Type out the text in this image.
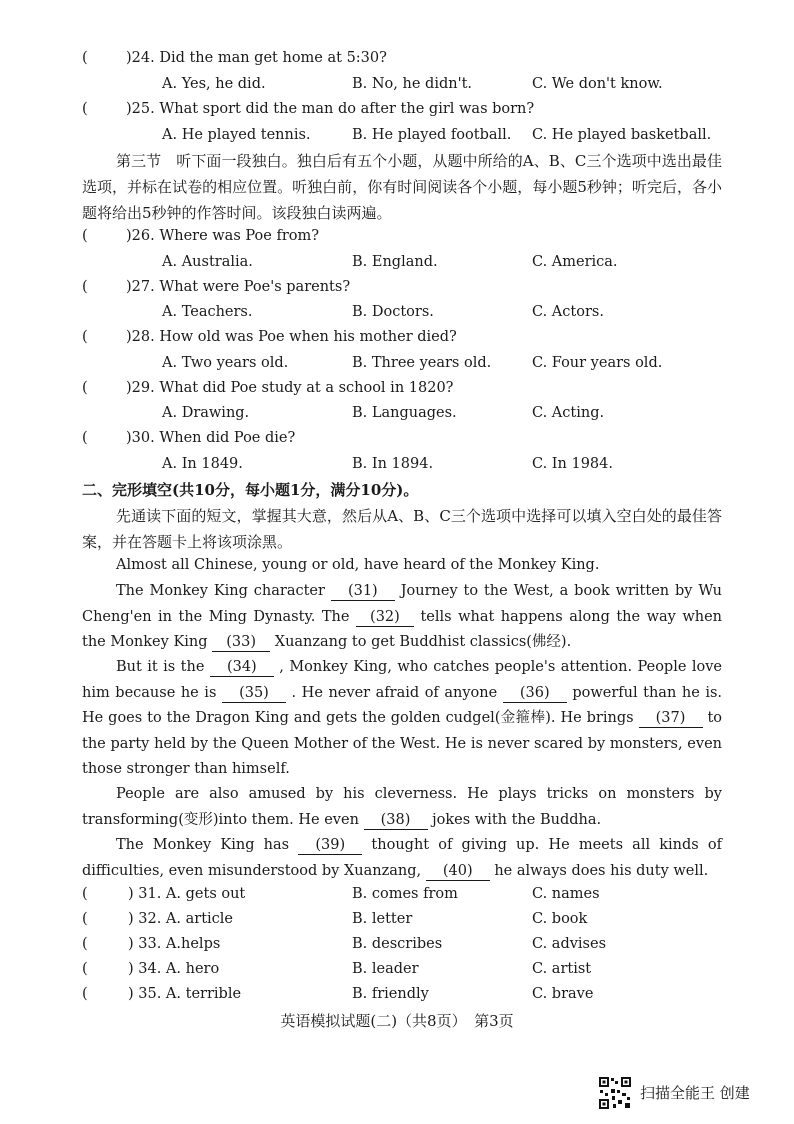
(	)24. Did the man get home at 5:30?
A. Yes, he did.	B. No, he didn't.	C. We don't know.
(	)25. What sport did the man do after the girl was born?
A. He played tennis.	B. He played football. C. He played basketball.
第三节　听下面一段独白。独白后有五个小题，从题中所给的A、B、C三个选项中选出最佳选项，并标在试卷的相应位置。听独白前，你有时间阅读各个小题，每小题5秒钟；听完后，各小题将给出5秒钟的作答时间。该段独白读两遍。
(	)26. Where was Poe from?
A. Australia.	B. England.	C. America.
(	)27. What were Poe's parents?
A. Teachers.	B. Doctors.	C. Actors.
(	)28. How old was Poe when his mother died?
A. Two years old.	B. Three years old.	C. Four years old.
(	)29. What did Poe study at a school in 1820?
A. Drawing.	B. Languages.	C. Acting.
(	)30. When did Poe die?
A. In 1849.	B. In 1894.	C. In 1984.
二、完形填空(共10分，每小题1分，满分10分)。
先通读下面的短文，掌握其大意，然后从A、B、C三个选项中选择可以填入空白处的最佳答案，并在答题卡上将该项涂黑。
Almost all Chinese, young or old, have heard of the Monkey King.
The Monkey King character (31) Journey to the West, a book written by Wu Cheng'en in the Ming Dynasty. The (32) tells what happens along the way when the Monkey King (33) Xuanzang to get Buddhist classics(佛经).
But it is the (34) , Monkey King, who catches people's attention. People love him because he is (35) . He never afraid of anyone (36) powerful than he is. He goes to the Dragon King and gets the golden cudgel(金箍棒). He brings (37) to the party held by the Queen Mother of the West. He is never scared by monsters, even those stronger than himself.
People are also amused by his cleverness. He plays tricks on monsters by transforming(变形)into them. He even (38) jokes with the Buddha.
The Monkey King has (39) thought of giving up. He meets all kinds of difficulties, even misunderstood by Xuanzang, (40) he always does his duty well.
(	) 31. A. gets out	B. comes from	C. names
(	) 32. A. article	B. letter	C. book
(	) 33. A.helps	B. describes	C. advises
(	) 34. A. hero	B. leader	C. artist
(	) 35. A. terrible	B. friendly	C. brave
英语模拟试题(二)（共8页）　第3页
扫描全能王 创建
